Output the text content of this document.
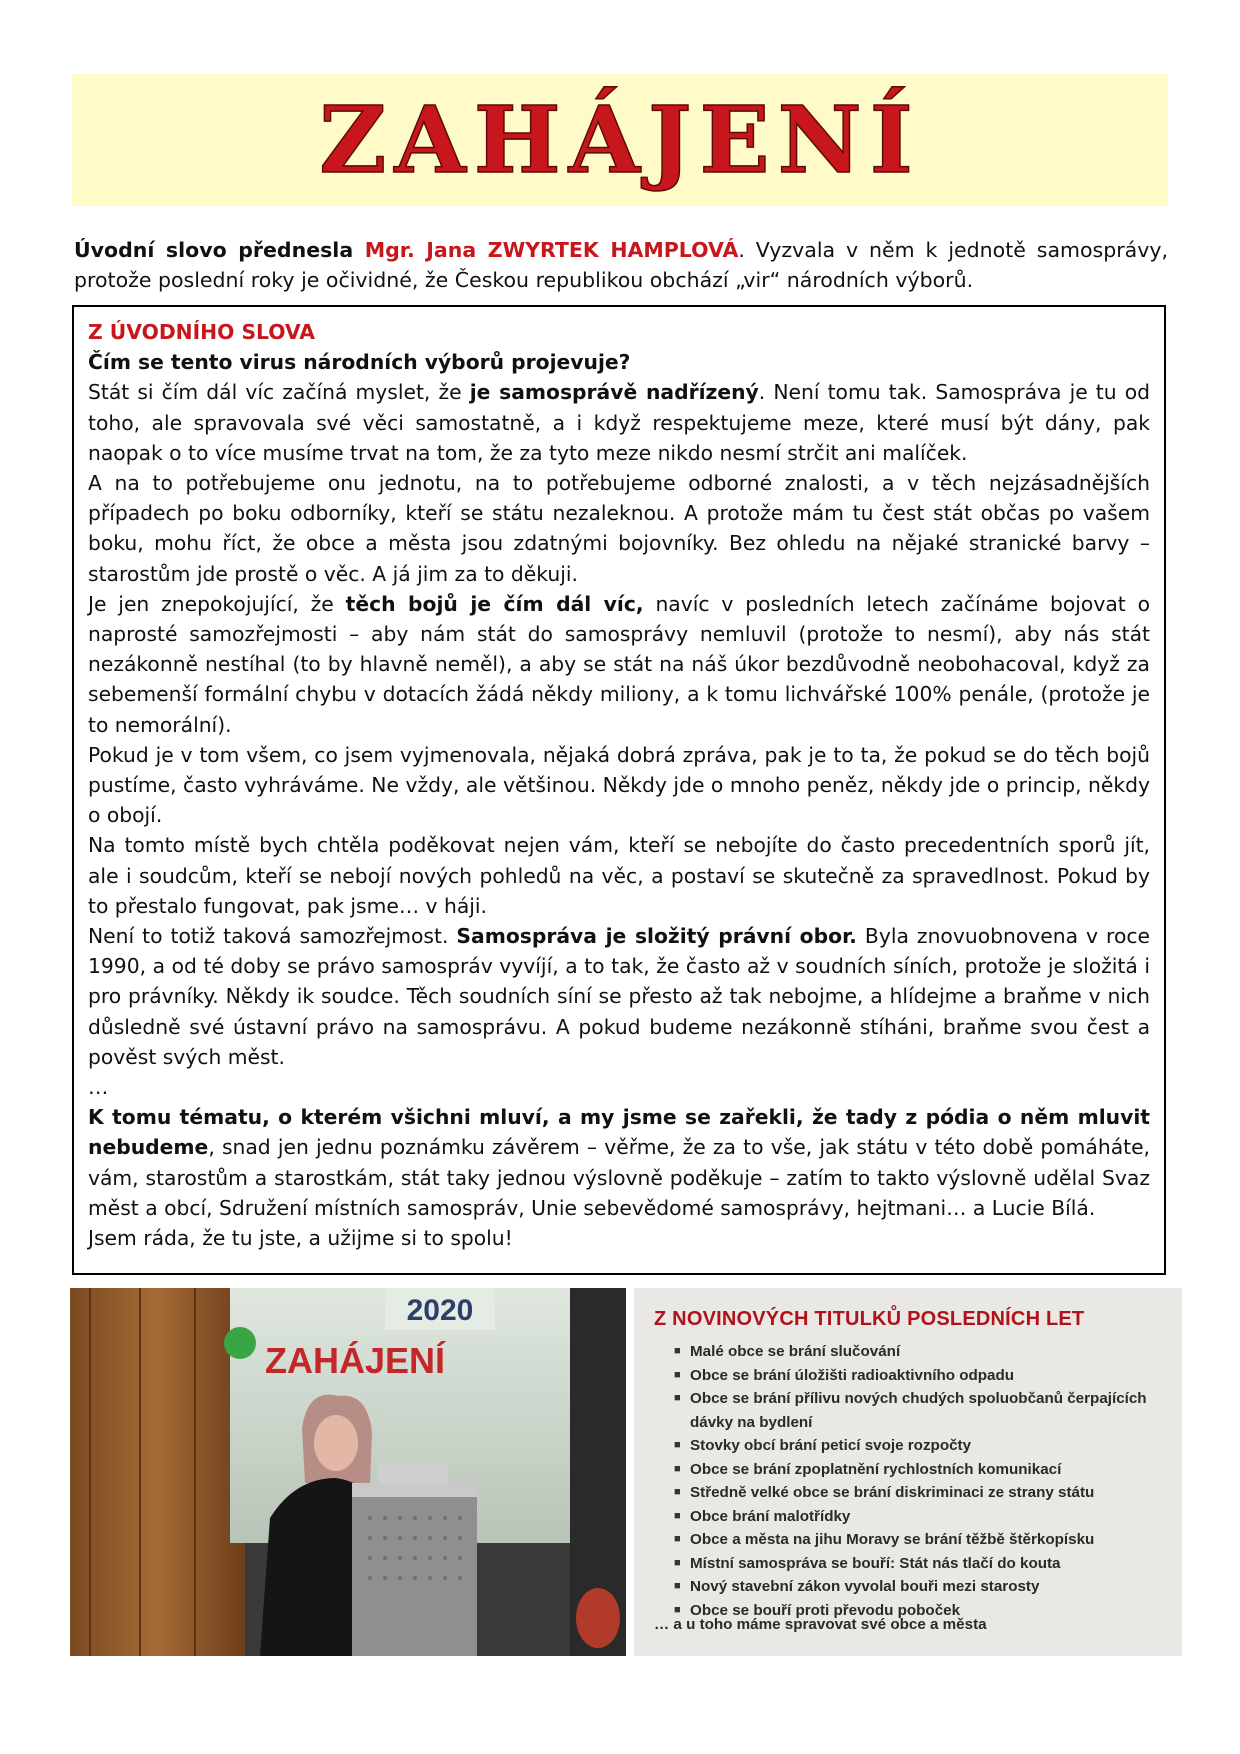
ZAHÁJENÍ
Úvodní slovo přednesla Mgr. Jana ZWYRTEK HAMPLOVÁ. Vyzvala v něm k jednotě samosprávy, protože poslední roky je očividné, že Českou republikou obchází „vir“ národních výborů.

Z ÚVODNÍHO SLOVA

Čím se tento virus národních výborů projevuje?

Stát si čím dál víc začíná myslet, že je samosprávě nadřízený. Není tomu tak. Samospráva je tu od toho, ale spravovala své věci samostatně, a i když respektujeme meze, které musí být dány, pak naopak o to více musíme trvat na tom, že za tyto meze nikdo nesmí strčit ani malíček.

A na to potřebujeme onu jednotu, na to potřebujeme odborné znalosti, a v těch nejzásadnějších případech po boku odborníky, kteří se státu nezaleknou. A protože mám tu čest stát občas po vašem boku, mohu říct, že obce a města jsou zdatnými bojovníky. Bez ohledu na nějaké stranické barvy – starostům jde prostě o věc. A já jim za to děkuji.

Je jen znepokojující, že těch bojů je čím dál víc, navíc v posledních letech začínáme bojovat o naprosté samozřejmosti – aby nám stát do samosprávy nemluvil (protože to nesmí), aby nás stát nezákonně nestíhal (to by hlavně neměl), a aby se stát na náš úkor bezdůvodně neobohacoval, když za sebemenší formální chybu v dotacích žádá někdy miliony, a k tomu lichvářské 100% penále, (protože je to nemorální).

Pokud je v tom všem, co jsem vyjmenovala, nějaká dobrá zpráva, pak je to ta, že pokud se do těch bojů pustíme, často vyhráváme. Ne vždy, ale většinou. Někdy jde o mnoho peněz, někdy jde o princip, někdy o obojí.

Na tomto místě bych chtěla poděkovat nejen vám, kteří se nebojíte do často precedentních sporů jít, ale i soudcům, kteří se nebojí nových pohledů na věc, a postaví se skutečně za spravedlnost. Pokud by to přestalo fungovat, pak jsme… v háji.

Není to totiž taková samozřejmost. Samospráva je složitý právní obor. Byla znovuobnovena v roce 1990, a od té doby se právo samospráv vyvíjí, a to tak, že často až v soudních síních, protože je složitá i pro právníky. Někdy ik soudce. Těch soudních síní se přesto až tak nebojme, a hlídejme a braňme v nich důsledně své ústavní právo na samosprávu. A pokud budeme nezákonně stíháni, braňme svou čest a pověst svých měst.

…

K tomu tématu, o kterém všichni mluví, a my jsme se zařekli, že tady z pódia o něm mluvit nebudeme, snad jen jednu poznámku závěrem – věřme, že za to vše, jak státu v této době pomáháte, vám, starostům a starostkám, stát taky jednou výslovně poděkuje – zatím to takto výslovně udělal Svaz měst a obcí, Sdružení místních samospráv, Unie sebevědomé samosprávy, hejtmani… a Lucie Bílá.

Jsem ráda, že tu jste, a užijme si to spolu!

2020
ZAHÁJENÍ
Z NOVINOVÝCH TITULKŮ POSLEDNÍCH LET
■ Malé obce se brání slučování
■ Obce se brání úložišti radioaktivního odpadu
■ Obce se brání přílivu nových chudých spoluobčanů čerpajících
dávky na bydlení
■ Stovky obcí brání peticí svoje rozpočty
■ Obce se brání zpoplatnění rychlostních komunikací
■ Středně velké obce se brání diskriminaci ze strany státu
■ Obce brání malotřídky
■ Obce a města na jihu Moravy se brání těžbě štěrkopísku
■ Místní samospráva se bouří: Stát nás tlačí do kouta
■ Nový stavební zákon vyvolal bouři mezi starosty
■ Obce se bouří proti převodu poboček
… a u toho máme spravovat své obce a města
